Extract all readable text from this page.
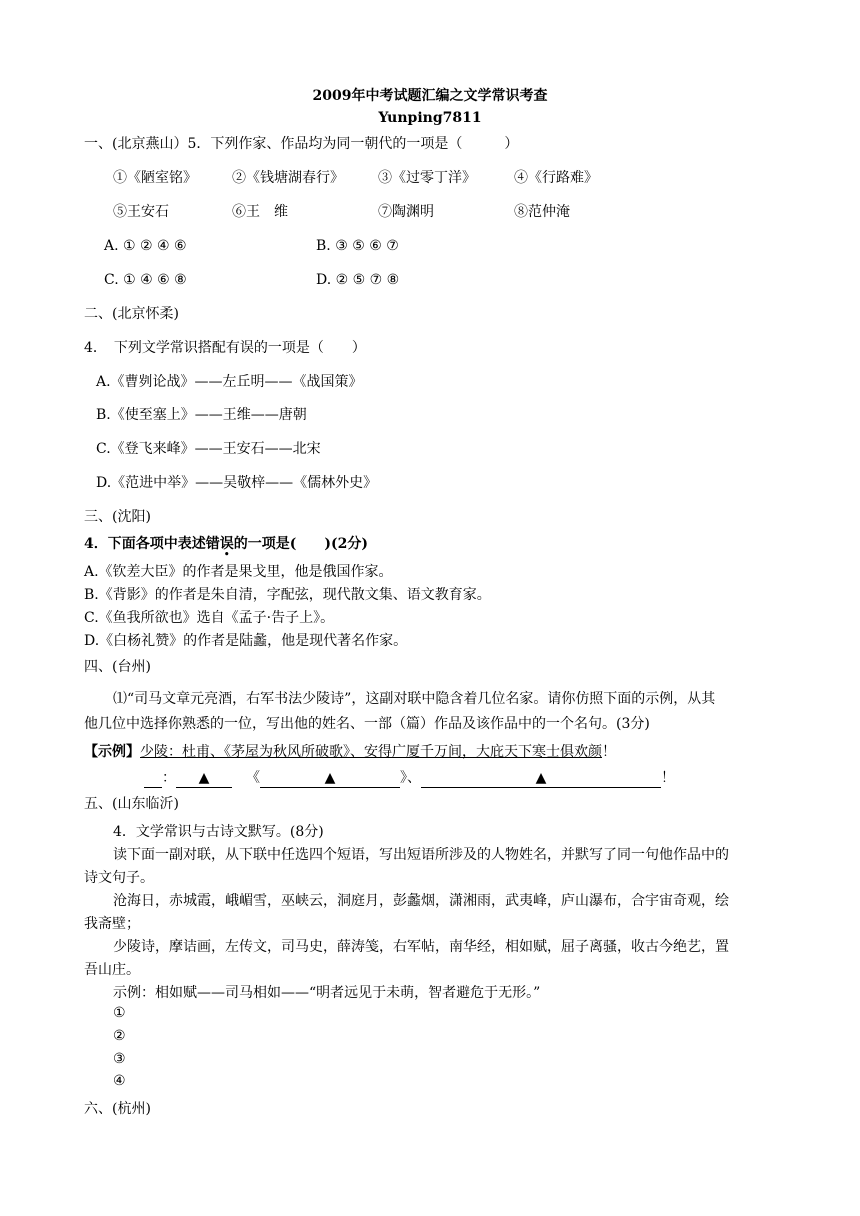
2009年中考试题汇编之文学常识考查
Yunping7811
一、(北京燕山）5．下列作家、作品均为同一朝代的一项是（　　　）
①《陋室铭》	②《钱塘湖春行》 ③《过零丁洋》	④《行路难》
⑤王安石	⑥王　维	⑦陶渊明	⑧范仲淹
A. ① ② ④ ⑥	B. ③ ⑤ ⑥ ⑦
C. ① ④ ⑥ ⑧	D. ② ⑤ ⑦ ⑧
二、(北京怀柔)
4．　下列文学常识搭配有误的一项是（　　）
A.《曹刿论战》——左丘明——《战国策》
B.《使至塞上》——王维——唐朝
C.《登飞来峰》——王安石——北宋
D.《范进中举》——吴敬梓——《儒林外史》
三、(沈阳)
4．下面各项中表述错误的一项是(　　)(2分)
A.《钦差大臣》的作者是果戈里，他是俄国作家。
B.《背影》的作者是朱自清，字配弦，现代散文集、语文教育家。
C.《鱼我所欲也》选自《孟子·告子上》。
D.《白杨礼赞》的作者是陆蠡，他是现代著名作家。
四、(台州)
⑴“司马文章元亮酒，右军书法少陵诗”，这副对联中隐含着几位名家。请你仿照下面的示例，从其
他几位中选择你熟悉的一位，写出他的姓名、一部（篇）作品及该作品中的一个名句。(3分)
【示例】少陵：杜甫、《茅屋为秋风所破歌》、安得广厦千万间，大庇天下寒士俱欢颜！
： ▲	《	▲	》、	▲	！
五、(山东临沂)
4．文学常识与古诗文默写。(8分)
读下面一副对联，从下联中任选四个短语，写出短语所涉及的人物姓名，并默写了同一句他作品中的
诗文句子。
沧海日，赤城霞，峨嵋雪，巫峡云，洞庭月，彭蠡烟，潇湘雨，武夷峰，庐山瀑布，合宇宙奇观，绘
我斋壁；
少陵诗，摩诘画，左传文，司马史，薛涛笺，右军帖，南华经，相如赋，屈子离骚，收古今绝艺，置
吾山庄。
示例：相如赋——司马相如——“明者远见于未萌，智者避危于无形。”
①
②
③
④
六、(杭州)
